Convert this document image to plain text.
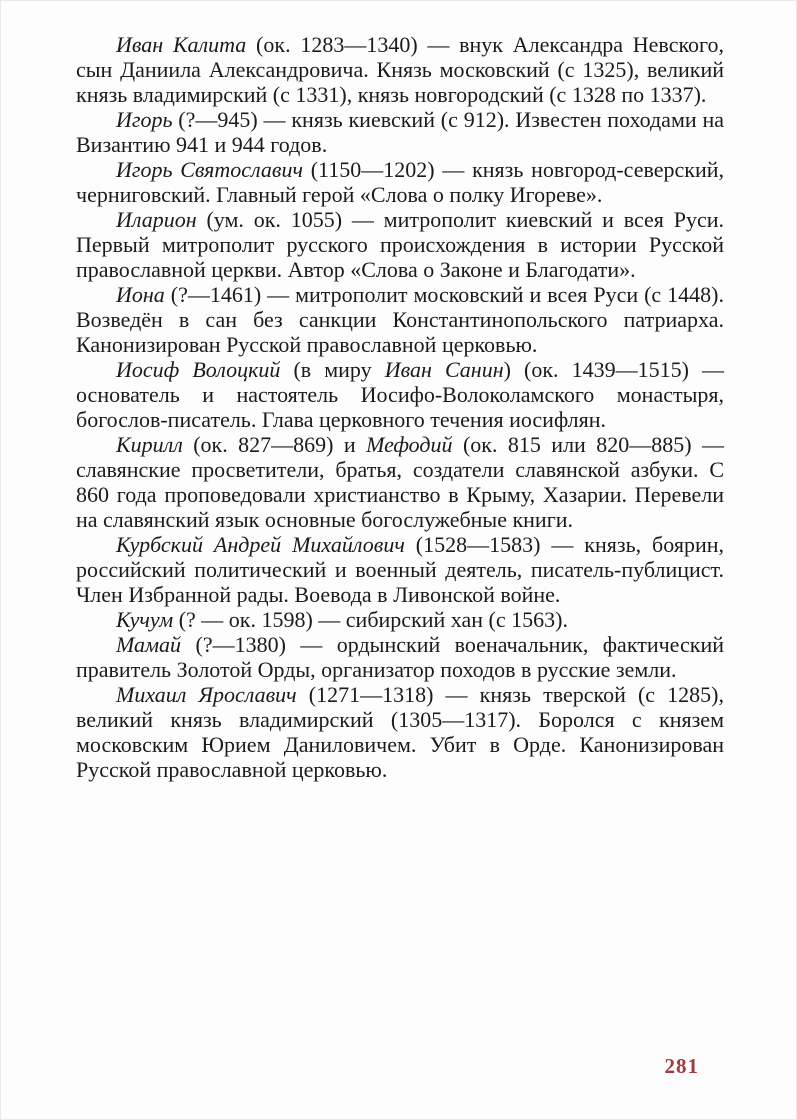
Иван Калита (ок. 1283—1340) — внук Александра Невского, сын Даниила Александровича. Князь московский (с 1325), великий князь владимирский (с 1331), князь новгородский (с 1328 по 1337).

Игорь (?—945) — князь киевский (с 912). Известен походами на Византию 941 и 944 годов.

Игорь Святославич (1150—1202) — князь новгород-северский, черниговский. Главный герой «Слова о полку Игореве».

Иларион (ум. ок. 1055) — митрополит киевский и всея Руси. Первый митрополит русского происхождения в истории Русской православной церкви. Автор «Слова о Законе и Благодати».

Иона (?—1461) — митрополит московский и всея Руси (с 1448). Возведён в сан без санкции Константинопольского патриарха. Канонизирован Русской православной церковью.

Иосиф Волоцкий (в миру Иван Санин) (ок. 1439—1515) — основатель и настоятель Иосифо-Волоколамского монастыря, богослов-писатель. Глава церковного течения иосифлян.

Кирилл (ок. 827—869) и Мефодий (ок. 815 или 820—885) — славянские просветители, братья, создатели славянской азбуки. С 860 года проповедовали христианство в Крыму, Хазарии. Перевели на славянский язык основные богослужебные книги.

Курбский Андрей Михайлович (1528—1583) — князь, боярин, российский политический и военный деятель, писатель-публицист. Член Избранной рады. Воевода в Ливонской войне.

Кучум (? — ок. 1598) — сибирский хан (с 1563).

Мамай (?—1380) — ордынский военачальник, фактический правитель Золотой Орды, организатор походов в русские земли.

Михаил Ярославич (1271—1318) — князь тверской (с 1285), великий князь владимирский (1305—1317). Боролся с князем московским Юрием Даниловичем. Убит в Орде. Канонизирован Русской православной церковью.

281
